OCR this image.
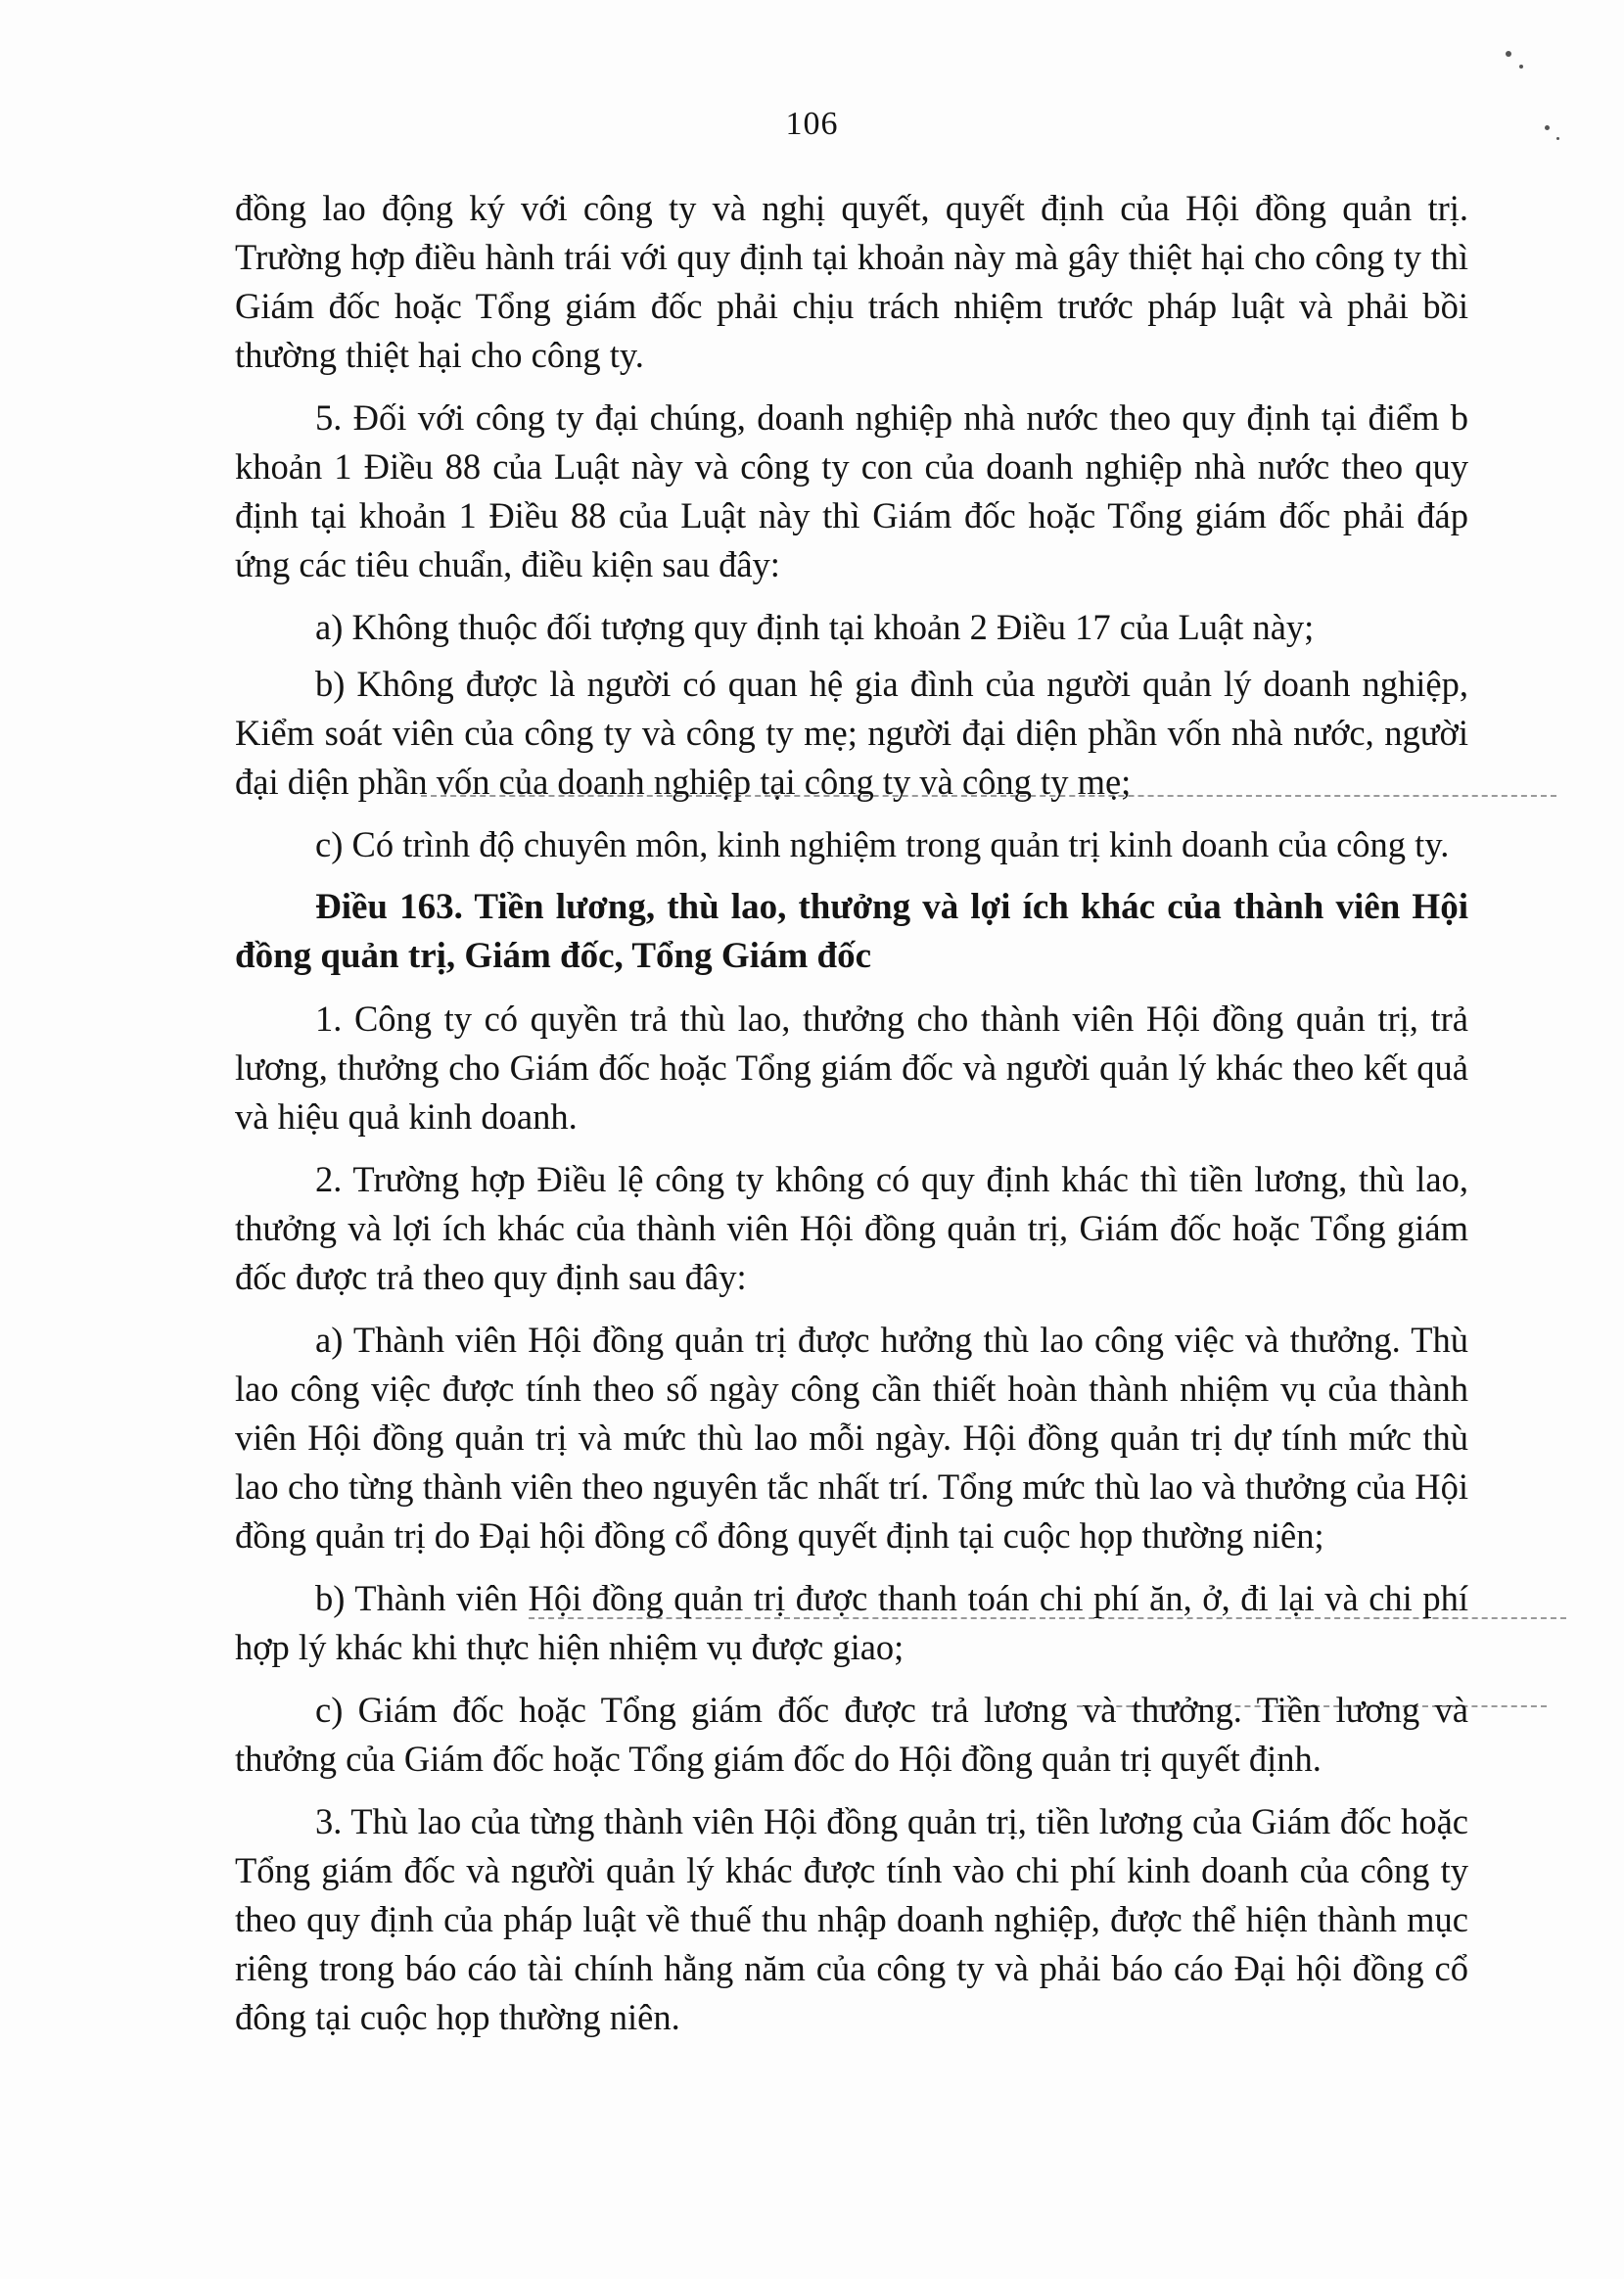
106

đồng lao động ký với công ty và nghị quyết, quyết định của Hội đồng quản trị. Trường hợp điều hành trái với quy định tại khoản này mà gây thiệt hại cho công ty thì Giám đốc hoặc Tổng giám đốc phải chịu trách nhiệm trước pháp luật và phải bồi thường thiệt hại cho công ty.

5. Đối với công ty đại chúng, doanh nghiệp nhà nước theo quy định tại điểm b khoản 1 Điều 88 của Luật này và công ty con của doanh nghiệp nhà nước theo quy định tại khoản 1 Điều 88 của Luật này thì Giám đốc hoặc Tổng giám đốc phải đáp ứng các tiêu chuẩn, điều kiện sau đây:

a) Không thuộc đối tượng quy định tại khoản 2 Điều 17 của Luật này;

b) Không được là người có quan hệ gia đình của người quản lý doanh nghiệp, Kiểm soát viên của công ty và công ty mẹ; người đại diện phần vốn nhà nước, người đại diện phần vốn của doanh nghiệp tại công ty và công ty mẹ;

c) Có trình độ chuyên môn, kinh nghiệm trong quản trị kinh doanh của công ty.

Điều 163. Tiền lương, thù lao, thưởng và lợi ích khác của thành viên Hội đồng quản trị, Giám đốc, Tổng Giám đốc

1. Công ty có quyền trả thù lao, thưởng cho thành viên Hội đồng quản trị, trả lương, thưởng cho Giám đốc hoặc Tổng giám đốc và người quản lý khác theo kết quả và hiệu quả kinh doanh.

2. Trường hợp Điều lệ công ty không có quy định khác thì tiền lương, thù lao, thưởng và lợi ích khác của thành viên Hội đồng quản trị, Giám đốc hoặc Tổng giám đốc được trả theo quy định sau đây:

a) Thành viên Hội đồng quản trị được hưởng thù lao công việc và thưởng. Thù lao công việc được tính theo số ngày công cần thiết hoàn thành nhiệm vụ của thành viên Hội đồng quản trị và mức thù lao mỗi ngày. Hội đồng quản trị dự tính mức thù lao cho từng thành viên theo nguyên tắc nhất trí. Tổng mức thù lao và thưởng của Hội đồng quản trị do Đại hội đồng cổ đông quyết định tại cuộc họp thường niên;

b) Thành viên Hội đồng quản trị được thanh toán chi phí ăn, ở, đi lại và chi phí hợp lý khác khi thực hiện nhiệm vụ được giao;

c) Giám đốc hoặc Tổng giám đốc được trả lương và thưởng. Tiền lương và thưởng của Giám đốc hoặc Tổng giám đốc do Hội đồng quản trị quyết định.

3. Thù lao của từng thành viên Hội đồng quản trị, tiền lương của Giám đốc hoặc Tổng giám đốc và người quản lý khác được tính vào chi phí kinh doanh của công ty theo quy định của pháp luật về thuế thu nhập doanh nghiệp, được thể hiện thành mục riêng trong báo cáo tài chính hằng năm của công ty và phải báo cáo Đại hội đồng cổ đông tại cuộc họp thường niên.
